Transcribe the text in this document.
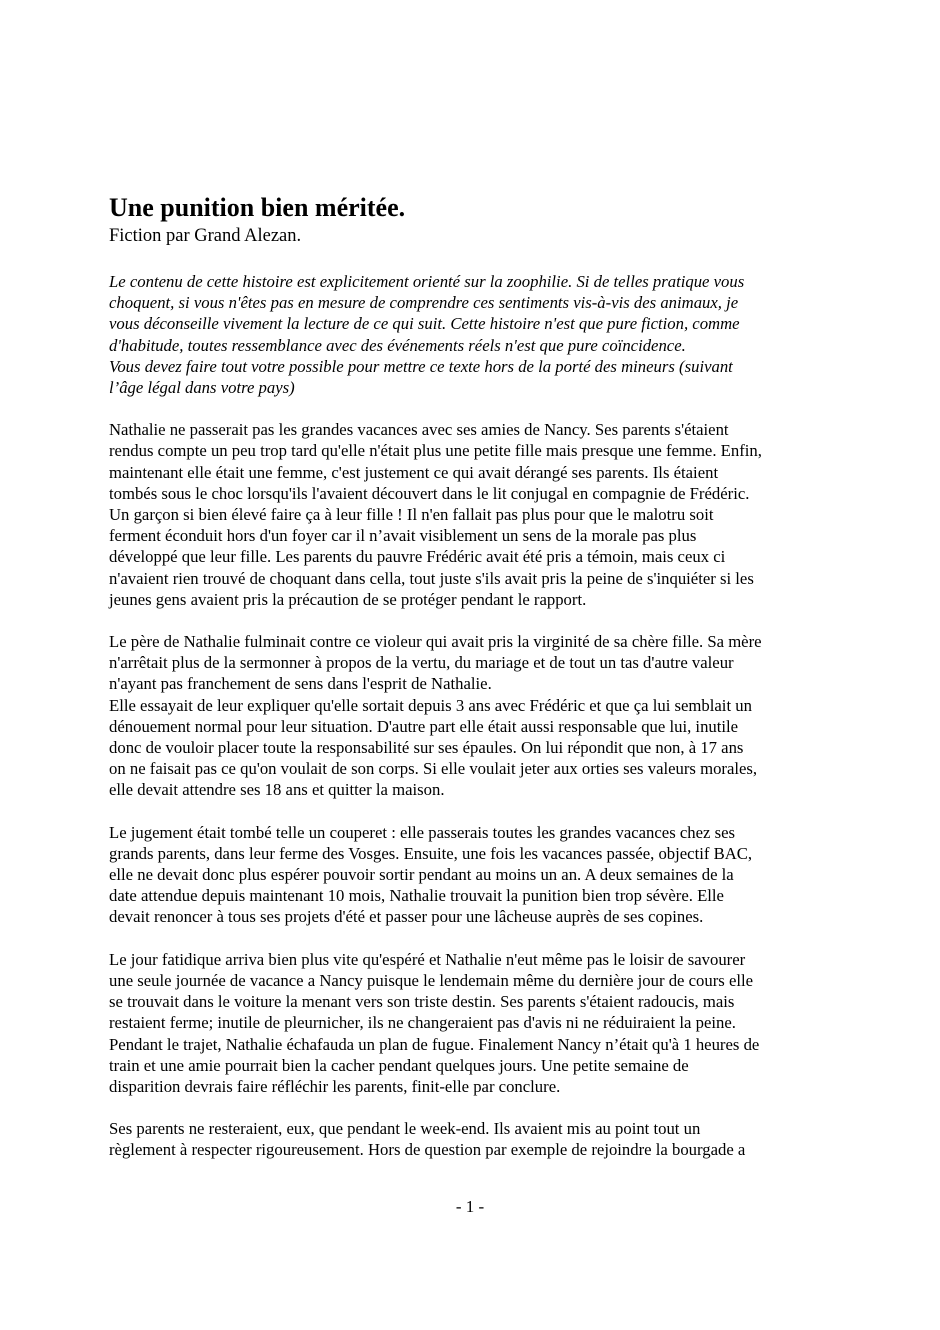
Une punition bien méritée.

Fiction par Grand Alezan.

Le contenu de cette histoire est explicitement orienté sur la zoophilie. Si de telles pratique vous
choquent, si vous n'êtes pas en mesure de comprendre ces sentiments vis-à-vis des animaux, je
vous déconseille vivement la lecture de ce qui suit. Cette histoire n'est que pure fiction, comme
d'habitude, toutes ressemblance avec des événements réels n'est que pure coïncidence.
Vous devez faire tout votre possible pour mettre ce texte hors de la porté des mineurs (suivant
l’âge légal dans votre pays)

Nathalie ne passerait pas les grandes vacances avec ses amies de Nancy. Ses parents s'étaient
rendus compte un peu trop tard qu'elle n'était plus une petite fille mais presque une femme. Enfin,
maintenant elle était une femme, c'est justement ce qui avait dérangé ses parents. Ils étaient
tombés sous le choc lorsqu'ils l'avaient découvert dans le lit conjugal en compagnie de Frédéric.
Un garçon si bien élevé faire ça à leur fille ! Il n'en fallait pas plus pour que le malotru soit
ferment éconduit hors d'un foyer car il n’avait visiblement un sens de la morale pas plus
développé que leur fille. Les parents du pauvre Frédéric avait été pris a témoin, mais ceux ci
n'avaient rien trouvé de choquant dans cella, tout juste s'ils avait pris la peine de s'inquiéter si les
jeunes gens avaient pris la précaution de se protéger pendant le rapport.

Le père de Nathalie fulminait contre ce violeur qui avait pris la virginité de sa chère fille. Sa mère
n'arrêtait plus de la sermonner à propos de la vertu, du mariage et de tout un tas d'autre valeur
n'ayant pas franchement de sens dans l'esprit de Nathalie.
Elle essayait de leur expliquer qu'elle sortait depuis 3 ans avec Frédéric et que ça lui semblait un
dénouement normal pour leur situation. D'autre part elle était aussi responsable que lui, inutile
donc de vouloir placer toute la responsabilité sur ses épaules. On lui répondit que non, à 17 ans
on ne faisait pas ce qu'on voulait de son corps. Si elle voulait jeter aux orties ses valeurs morales,
elle devait attendre ses 18 ans et quitter la maison.

Le jugement était tombé telle un couperet : elle passerais toutes les grandes vacances chez ses
grands parents, dans leur ferme des Vosges. Ensuite, une fois les vacances passée, objectif BAC,
elle ne devait donc plus espérer pouvoir sortir pendant au moins un an. A deux semaines de la
date attendue depuis maintenant 10 mois, Nathalie trouvait la punition bien trop sévère. Elle
devait renoncer à tous ses projets d'été et passer pour une lâcheuse auprès de ses copines.

Le jour fatidique arriva bien plus vite qu'espéré et Nathalie n'eut même pas le loisir de savourer
une seule journée de vacance a Nancy puisque le lendemain même du dernière jour de cours elle
se trouvait dans le voiture la menant vers son triste destin. Ses parents s'étaient radoucis, mais
restaient ferme; inutile de pleurnicher, ils ne changeraient pas d'avis ni ne réduiraient la peine.
Pendant le trajet, Nathalie échafauda un plan de fugue. Finalement Nancy n’était qu'à 1 heures de
train et une amie pourrait bien la cacher pendant quelques jours. Une petite semaine de
disparition devrais faire réfléchir les parents, finit-elle par conclure.

Ses parents ne resteraient, eux, que pendant le week-end. Ils avaient mis au point tout un
règlement à respecter rigoureusement. Hors de question par exemple de rejoindre la bourgade a

- 1 -
